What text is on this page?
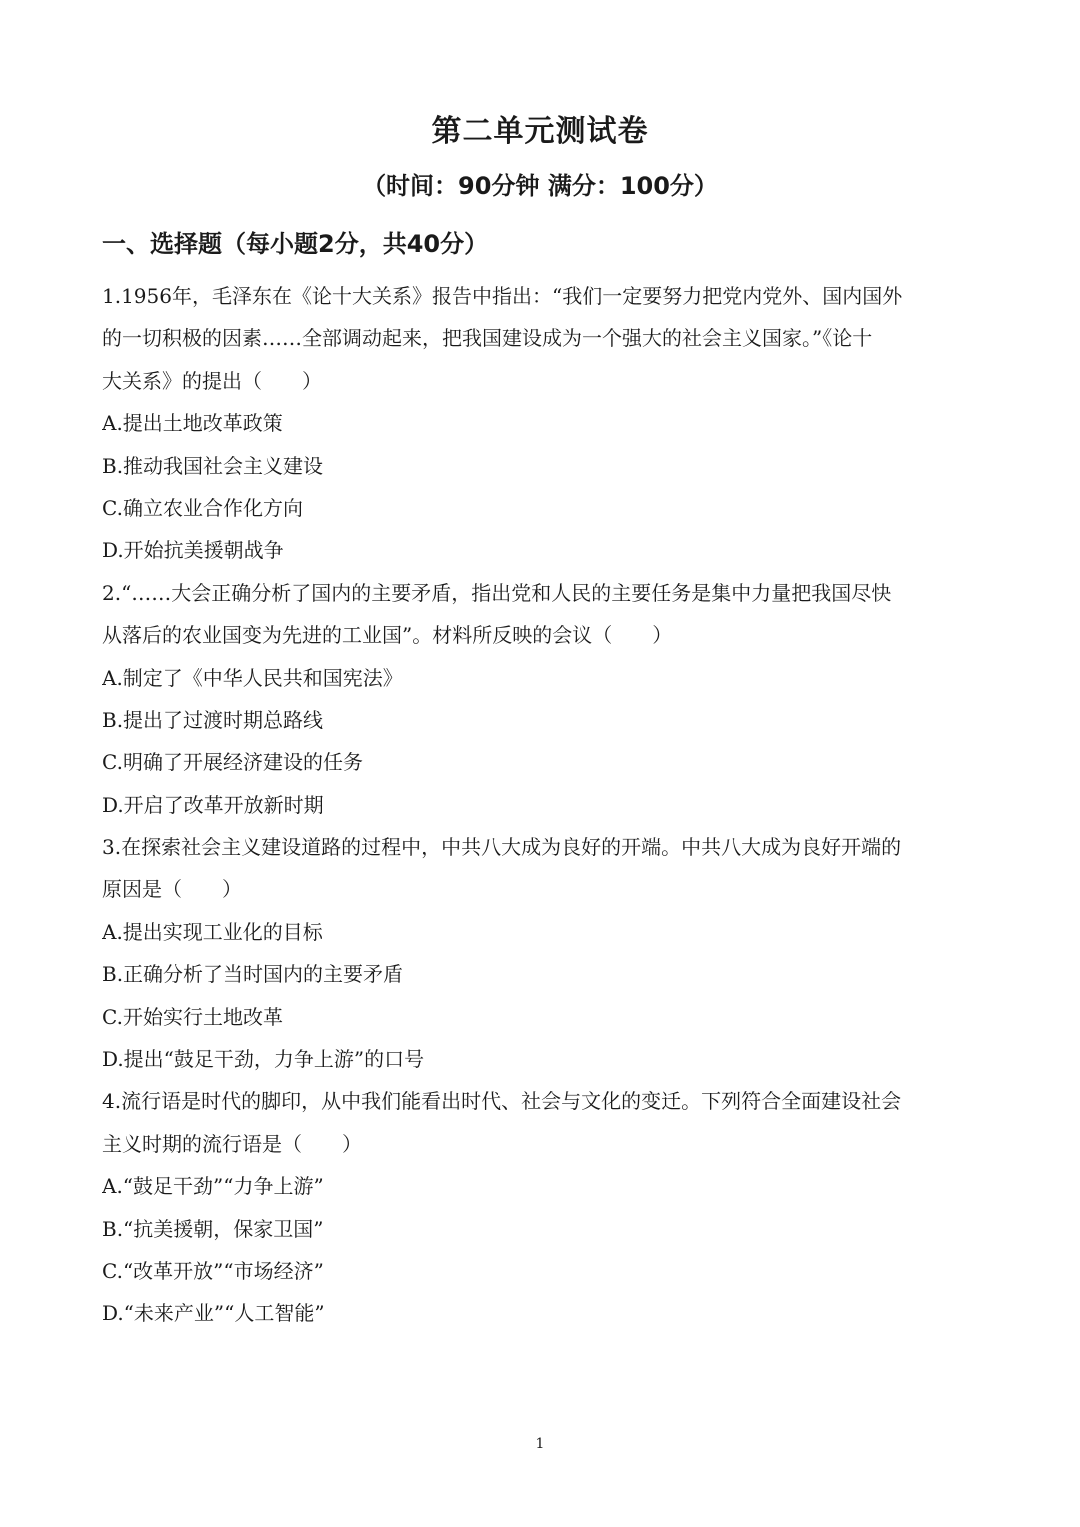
第二单元测试卷
（时间：90分钟 满分：100分）
一、选择题（每小题2分，共40分）
1.1956年，毛泽东在《论十大关系》报告中指出：“我们一定要努力把党内党外、国内国外
的一切积极的因素……全部调动起来，把我国建设成为一个强大的社会主义国家。”《论十
大关系》的提出（　　）
A.提出土地改革政策
B.推动我国社会主义建设
C.确立农业合作化方向
D.开始抗美援朝战争
2.“……大会正确分析了国内的主要矛盾，指出党和人民的主要任务是集中力量把我国尽快
从落后的农业国变为先进的工业国”。材料所反映的会议（　　）
A.制定了《中华人民共和国宪法》
B.提出了过渡时期总路线
C.明确了开展经济建设的任务
D.开启了改革开放新时期
3.在探索社会主义建设道路的过程中，中共八大成为良好的开端。中共八大成为良好开端的
原因是（　　）
A.提出实现工业化的目标
B.正确分析了当时国内的主要矛盾
C.开始实行土地改革
D.提出“鼓足干劲，力争上游”的口号
4.流行语是时代的脚印，从中我们能看出时代、社会与文化的变迁。下列符合全面建设社会
主义时期的流行语是（　　）
A.“鼓足干劲”“力争上游”
B.“抗美援朝，保家卫国”
C.“改革开放”“市场经济”
D.“未来产业”“人工智能”
1
